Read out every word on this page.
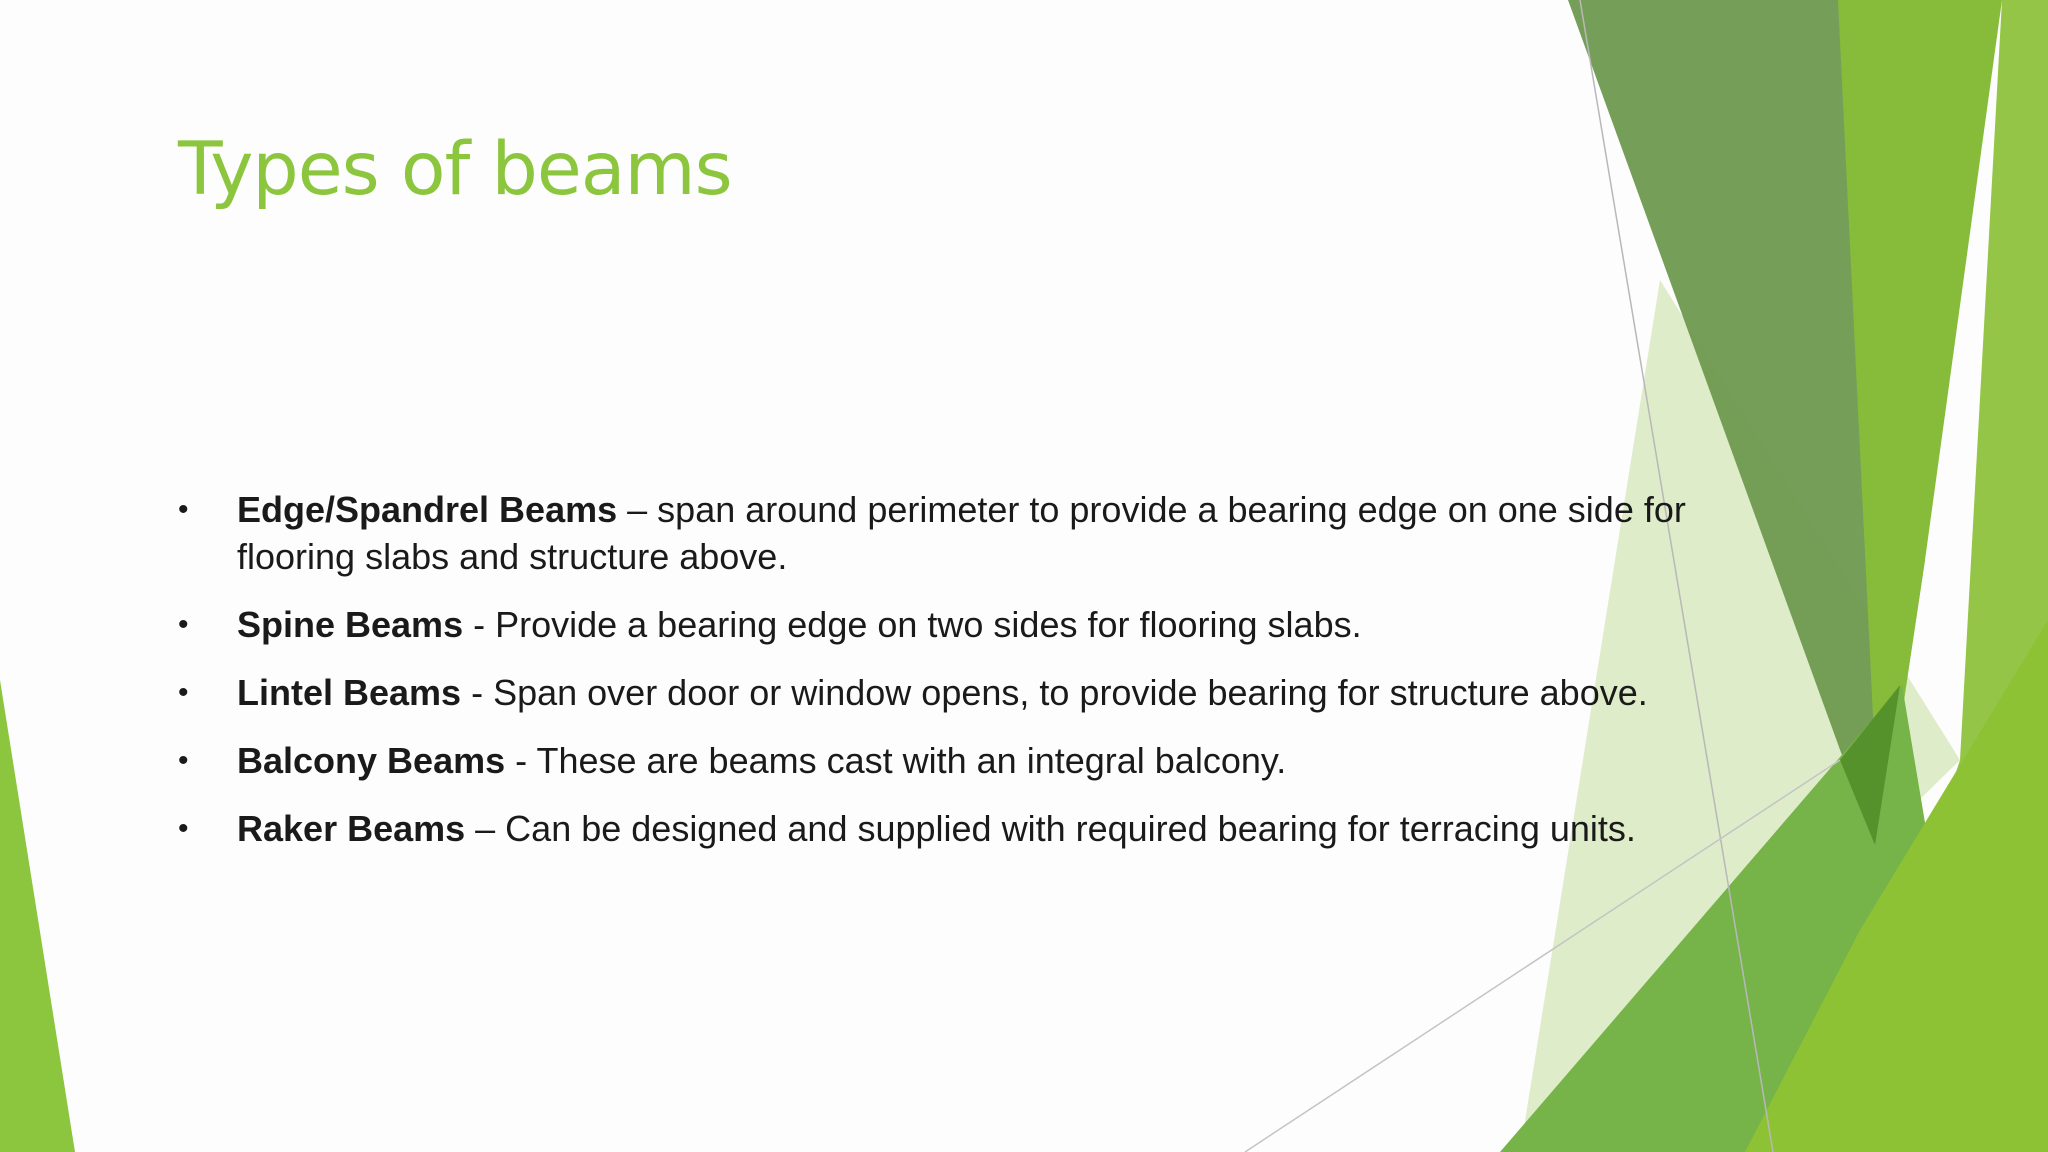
Types of beams
• Edge/Spandrel Beams – span around perimeter to provide a bearing edge on one side for flooring slabs and structure above.
• Spine Beams - Provide a bearing edge on two sides for flooring slabs.
• Lintel Beams - Span over door or window opens, to provide bearing for structure above.
• Balcony Beams - These are beams cast with an integral balcony.
• Raker Beams – Can be designed and supplied with required bearing for terracing units.
